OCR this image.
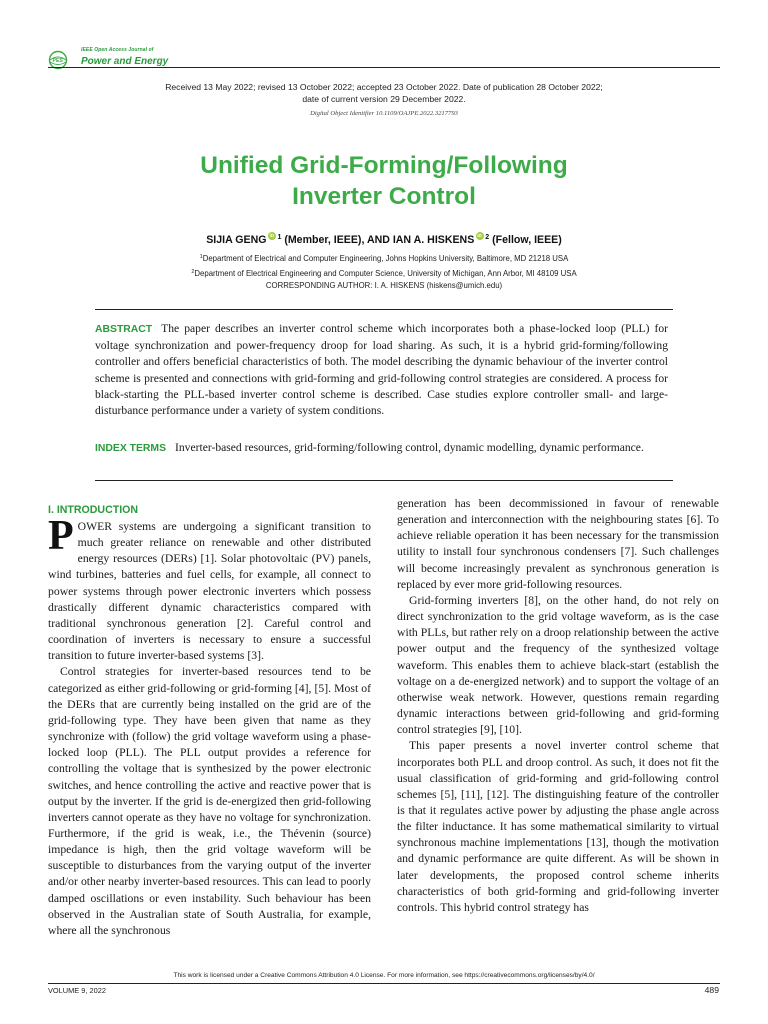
PES
IEEE Open Access Journal of
Power and Energy
Received 13 May 2022; revised 13 October 2022; accepted 23 October 2022. Date of publication 28 October 2022;
date of current version 29 December 2022.
Digital Object Identifier 10.1109/OAJPE.2022.3217793
Unified Grid-Forming/Following
Inverter Control
SIJIA GENG iD $^1$ (Member, IEEE), AND IAN A. HISKENS iD $^2$ (Fellow, IEEE)
$^1$Department of Electrical and Computer Engineering, Johns Hopkins University, Baltimore, MD 21218 USA
$^2$Department of Electrical Engineering and Computer Science, University of Michigan, Ann Arbor, MI 48109 USA
CORRESPONDING AUTHOR: I. A. HISKENS (hiskens@umich.edu)
ABSTRACT The paper describes an inverter control scheme which incorporates both a phase-locked loop (PLL) for voltage synchronization and power-frequency droop for load sharing. As such, it is a hybrid grid-forming/following controller and offers beneficial characteristics of both. The model describing the dynamic behaviour of the inverter control scheme is presented and connections with grid-forming and grid-following control strategies are considered. A process for black-starting the PLL-based inverter control scheme is described. Case studies explore controller small- and large-disturbance performance under a variety of system conditions.
INDEX TERMS Inverter-based resources, grid-forming/following control, dynamic modelling, dynamic performance.
I. INTRODUCTION

POWER systems are undergoing a significant transition to much greater reliance on renewable and other distributed energy resources (DERs) [1]. Solar photovoltaic (PV) panels, wind turbines, batteries and fuel cells, for example, all connect to power systems through power electronic inverters which possess drastically different dynamic characteristics compared with traditional synchronous generation [2]. Careful control and coordination of inverters is necessary to ensure a successful transition to future inverter-based systems [3].

Control strategies for inverter-based resources tend to be categorized as either grid-following or grid-forming [4], [5]. Most of the DERs that are currently being installed on the grid are of the grid-following type. They have been given that name as they synchronize with (follow) the grid voltage waveform using a phase-locked loop (PLL). The PLL output provides a reference for controlling the voltage that is synthesized by the power electronic switches, and hence controlling the active and reactive power that is output by the inverter. If the grid is de-energized then grid-following inverters cannot operate as they have no voltage for synchronization. Furthermore, if the grid is weak, i.e., the Thévenin (source) impedance is high, then the grid voltage waveform will be susceptible to disturbances from the varying output of the inverter and/or other nearby inverter-based resources. This can lead to poorly damped oscillations or even instability. Such behaviour has been observed in the Australian state of South Australia, for example, where all the synchronous

generation has been decommissioned in favour of renewable generation and interconnection with the neighbouring states [6]. To achieve reliable operation it has been necessary for the transmission utility to install four synchronous condensers [7]. Such challenges will become increasingly prevalent as synchronous generation is replaced by ever more grid-following resources.

Grid-forming inverters [8], on the other hand, do not rely on direct synchronization to the grid voltage waveform, as is the case with PLLs, but rather rely on a droop relationship between the active power output and the frequency of the synthesized voltage waveform. This enables them to achieve black-start (establish the voltage on a de-energized network) and to support the voltage of an otherwise weak network. However, questions remain regarding dynamic interactions between grid-following and grid-forming control strategies [9], [10].

This paper presents a novel inverter control scheme that incorporates both PLL and droop control. As such, it does not fit the usual classification of grid-forming and grid-following control schemes [5], [11], [12]. The distinguishing feature of the controller is that it regulates active power by adjusting the phase angle across the filter inductance. It has some mathematical similarity to virtual synchronous machine implementations [13], though the motivation and dynamic performance are quite different. As will be shown in later developments, the proposed control scheme inherits characteristics of both grid-forming and grid-following inverter controls. This hybrid control strategy has

This work is licensed under a Creative Commons Attribution 4.0 License. For more information, see https://creativecommons.org/licenses/by/4.0/
VOLUME 9, 2022	489
